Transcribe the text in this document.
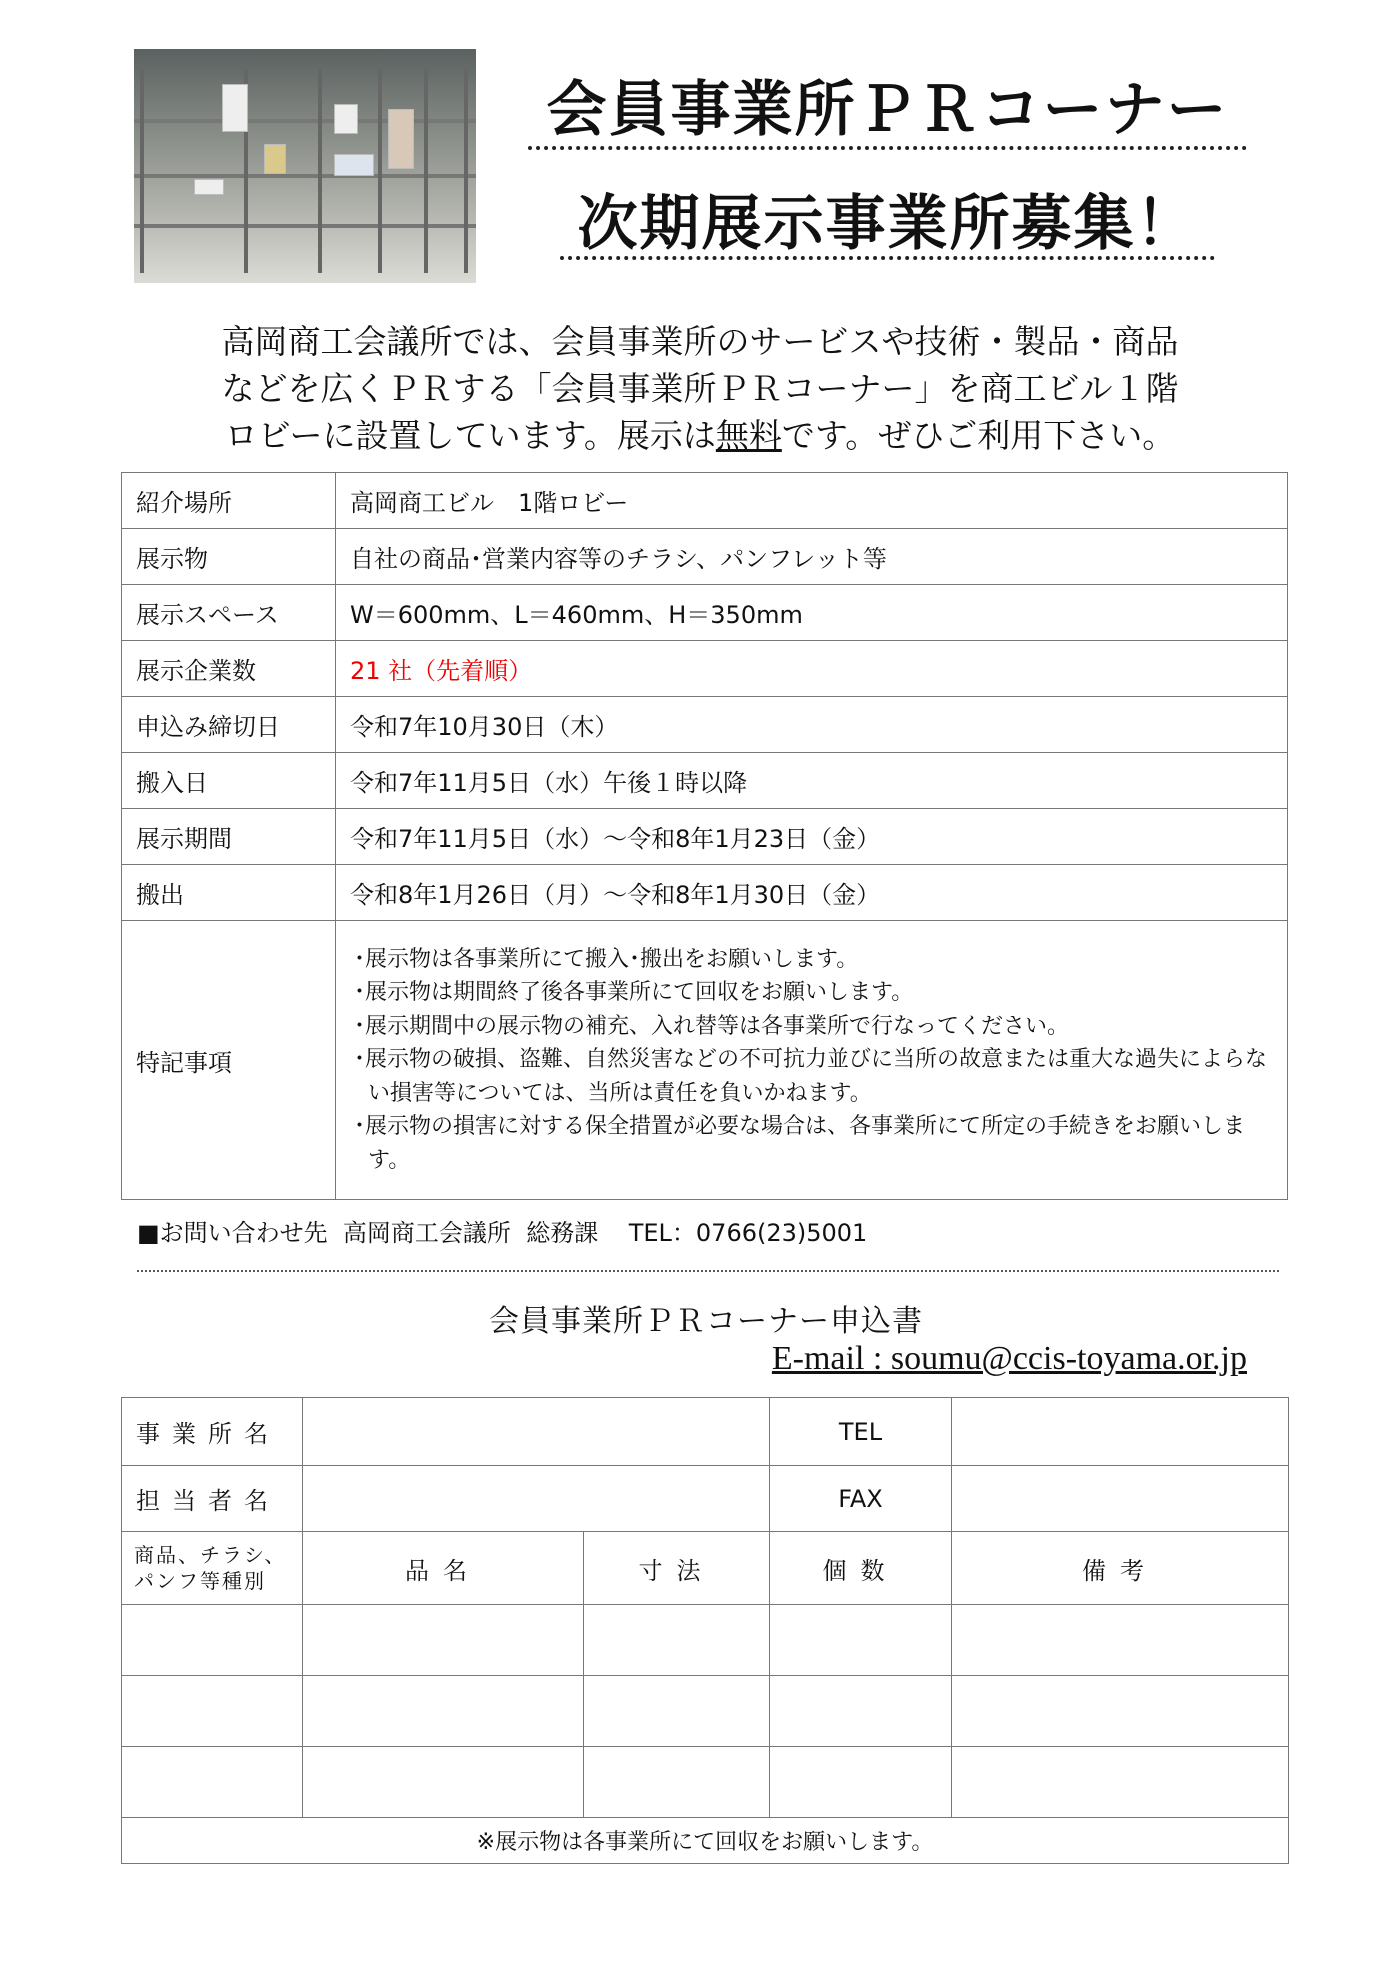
会員事業所ＰＲコーナー
次期展示事業所募集！
高岡商工会議所では、会員事業所のサービスや技術・製品・商品
などを広くＰＲする「会員事業所ＰＲコーナー」を商工ビル１階
ロビーに設置しています。展示は無料です。ぜひご利用下さい。
紹介場所	高岡商工ビル　1階ロビー
展示物	自社の商品･営業内容等のチラシ、パンフレット等
展示スペース	W＝600mm、L＝460mm、H＝350mm
展示企業数	21 社（先着順）
申込み締切日	令和7年10月30日（木）
搬入日	令和7年11月5日（水）午後１時以降
展示期間	令和7年11月5日（水）～令和8年1月23日（金）
搬出	令和8年1月26日（月）～令和8年1月30日（金）
特記事項	･展示物は各事業所にて搬入･搬出をお願いします。
･展示物は期間終了後各事業所にて回収をお願いします。
･展示期間中の展示物の補充、入れ替等は各事業所で行なってください。
･展示物の破損、盗難、自然災害などの不可抗力並びに当所の故意または重大な過失によらない損害等については、当所は責任を負いかねます。
･展示物の損害に対する保全措置が必要な場合は、各事業所にて所定の手続きをお願いします。
■お問い合わせ先  高岡商工会議所  総務課    TEL：0766(23)5001
会員事業所ＰＲコーナー申込書
E-mail : soumu@ccis-toyama.or.jp
事業所名			TEL	
担当者名			FAX	
商品、チラシ、パンフ等種別	品名	寸法	個数	備考

※展示物は各事業所にて回収をお願いします。				
